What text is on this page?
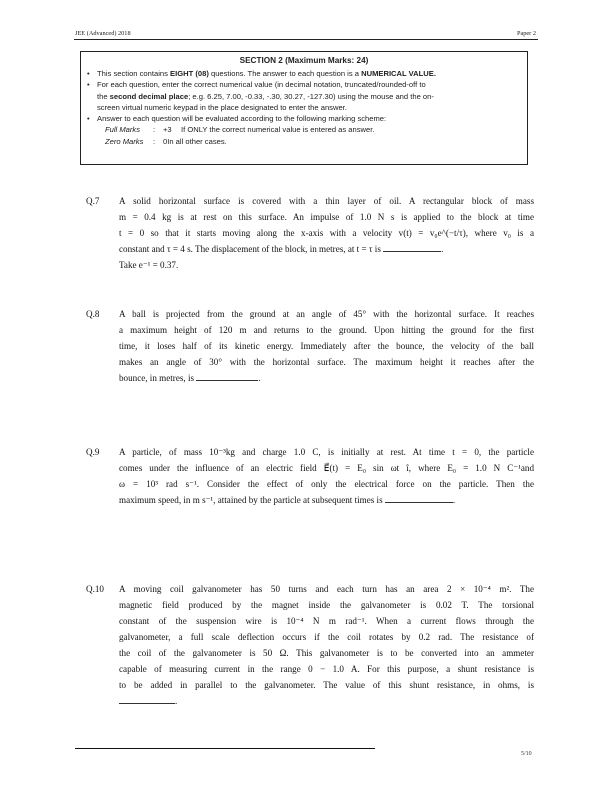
JEE (Advanced) 2018	Paper 2
SECTION 2 (Maximum Marks: 24)
• This section contains EIGHT (08) questions. The answer to each question is a NUMERICAL VALUE.
• For each question, enter the correct numerical value (in decimal notation, truncated/rounded-off to
the second decimal place; e.g. 6.25, 7.00, -0.33, -.30, 30.27, -127.30) using the mouse and the on-
screen virtual numeric keypad in the place designated to enter the answer.
• Answer to each question will be evaluated according to the following marking scheme:
Full Marks	:	+3	If ONLY the correct numerical value is entered as answer.
Zero Marks	:	0 In all other cases.
Q.7 A solid horizontal surface is covered with a thin layer of oil. A rectangular block of mass
m = 0.4 kg is at rest on this surface. An impulse of 1.0 N s is applied to the block at time
t = 0 so that it starts moving along the x-axis with a velocity v(t) = v₀e^(−t/τ), where v₀ is a
constant and τ = 4 s. The displacement of the block, in metres, at t = τ is	.
Take e⁻¹ = 0.37.
Q.8 A ball is projected from the ground at an angle of 45° with the horizontal surface. It reaches
a maximum height of 120 m and returns to the ground. Upon hitting the ground for the first
time, it loses half of its kinetic energy. Immediately after the bounce, the velocity of the ball
makes an angle of 30° with the horizontal surface. The maximum height it reaches after the
bounce, in metres, is	.
Q.9 A particle, of mass 10⁻³kg and charge 1.0 C, is initially at rest. At time t = 0, the particle
comes under the influence of an electric field E⃗(t) = E₀ sin ωt î, where E₀ = 1.0 N C⁻¹and
ω = 10³ rad s⁻¹. Consider the effect of only the electrical force on the particle. Then the
maximum speed, in m s⁻¹, attained by the particle at subsequent times is	.
Q.10 A moving coil galvanometer has 50 turns and each turn has an area 2 × 10⁻⁴ m². The
magnetic field produced by the magnet inside the galvanometer is 0.02 T. The torsional
constant of the suspension wire is 10⁻⁴ N m rad⁻¹. When a current flows through the
galvanometer, a full scale deflection occurs if the coil rotates by 0.2 rad. The resistance of
the coil of the galvanometer is 50 Ω. This galvanometer is to be converted into an ammeter
capable of measuring current in the range 0 − 1.0 A. For this purpose, a shunt resistance is
to be added in parallel to the galvanometer. The value of this shunt resistance, in ohms, is
.
5/10
